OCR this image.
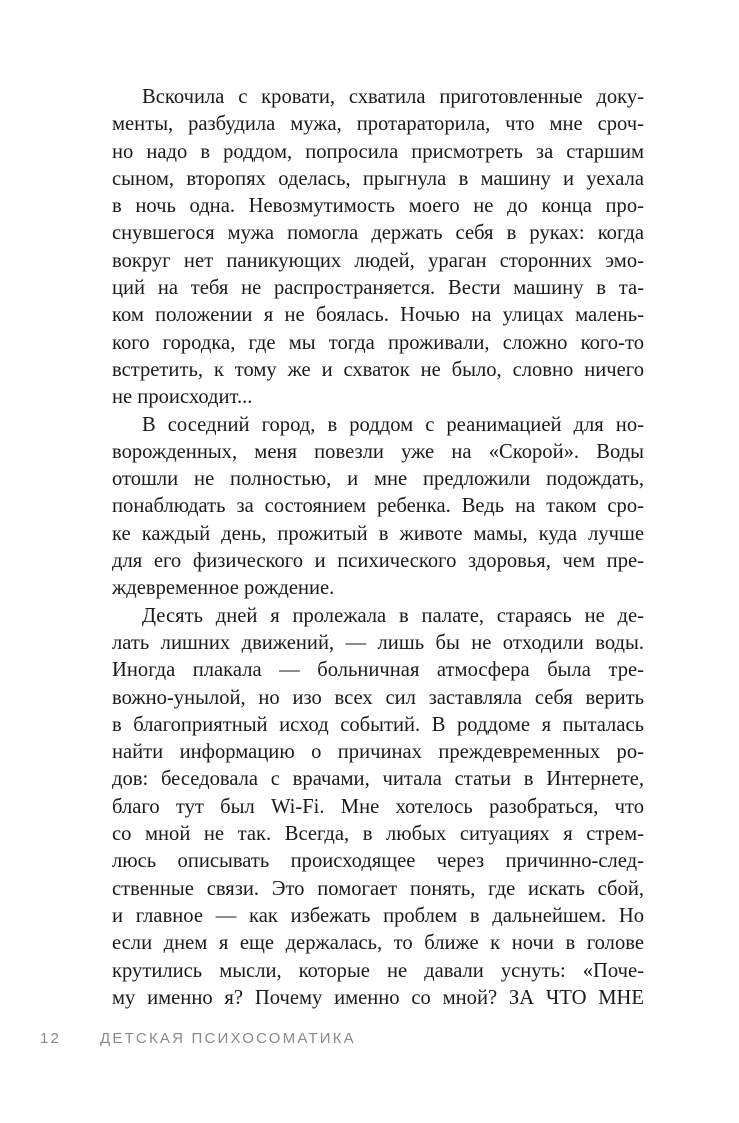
Вскочила с кровати, схватила приготовленные доку-
менты, разбудила мужа, протараторила, что мне сроч-
но надо в роддом, попросила присмотреть за старшим
сыном, второпях оделась, прыгнула в машину и уехала
в ночь одна. Невозмутимость моего не до конца про-
снувшегося мужа помогла держать себя в руках: когда
вокруг нет паникующих людей, ураган сторонних эмо-
ций на тебя не распространяется. Вести машину в та-
ком положении я не боялась. Ночью на улицах малень-
кого городка, где мы тогда проживали, сложно кого-то
встретить, к тому же и схваток не было, словно ничего
не происходит...
В соседний город, в роддом с реанимацией для но-
ворожденных, меня повезли уже на «Скорой». Воды
отошли не полностью, и мне предложили подождать,
понаблюдать за состоянием ребенка. Ведь на таком сро-
ке каждый день, прожитый в животе мамы, куда лучше
для его физического и психического здоровья, чем пре-
ждевременное рождение.
Десять дней я пролежала в палате, стараясь не де-
лать лишних движений, — лишь бы не отходили воды.
Иногда плакала — больничная атмосфера была тре-
вожно-унылой, но изо всех сил заставляла себя верить
в благоприятный исход событий. В роддоме я пыталась
найти информацию о причинах преждевременных ро-
дов: беседовала с врачами, читала статьи в Интернете,
благо тут был Wi-Fi. Мне хотелось разобраться, что
со мной не так. Всегда, в любых ситуациях я стрем-
люсь описывать происходящее через причинно-след-
ственные связи. Это помогает понять, где искать сбой,
и главное — как избежать проблем в дальнейшем. Но
если днем я еще держалась, то ближе к ночи в голове
крутились мысли, которые не давали уснуть: «Поче-
му именно я? Почему именно со мной? ЗА ЧТО МНЕ
12	ДЕТСКАЯ ПСИХОСОМАТИКА
